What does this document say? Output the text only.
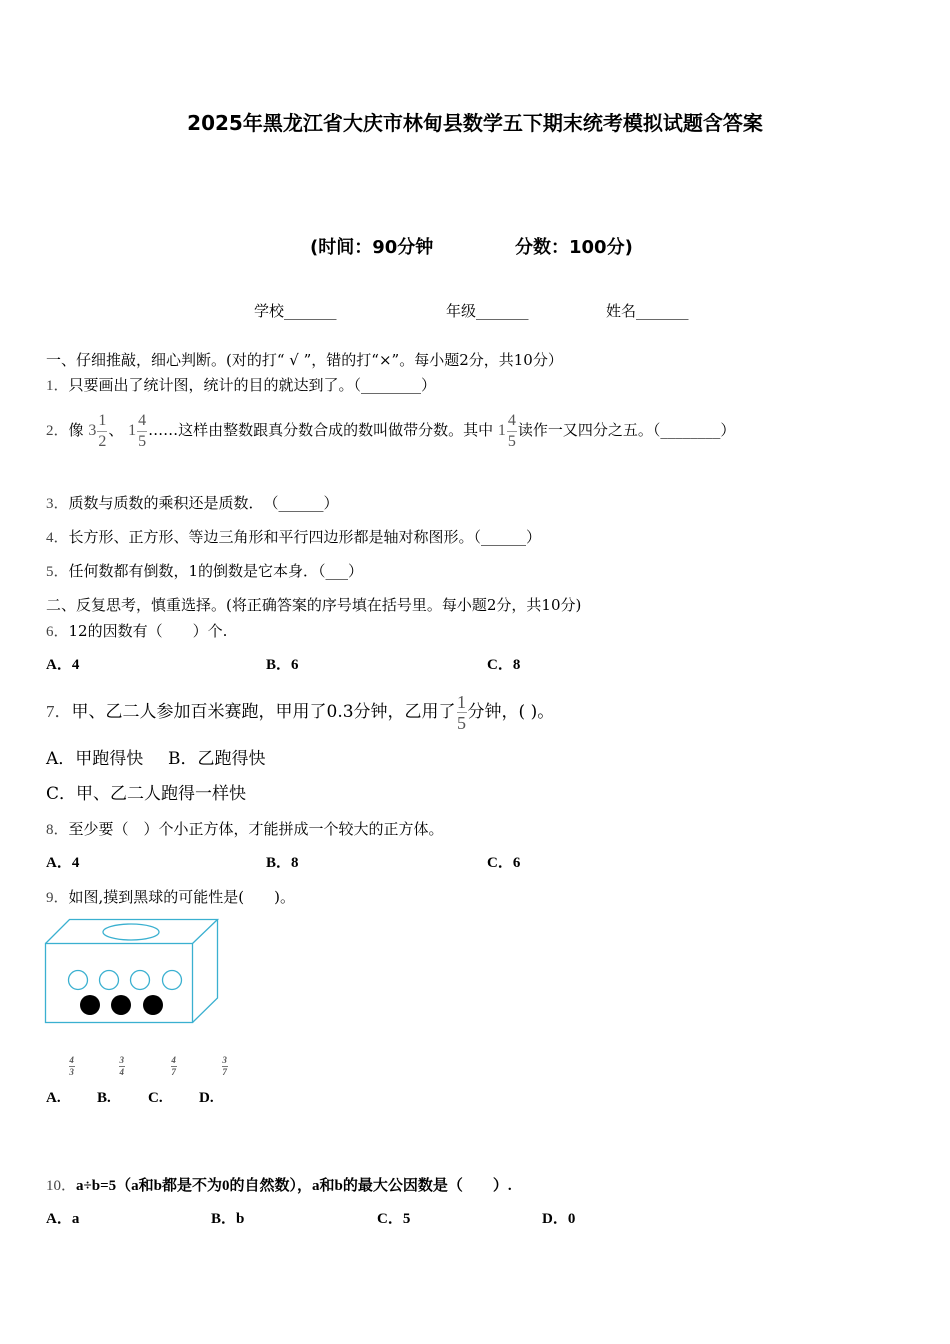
2025年黑龙江省大庆市林甸县数学五下期末统考模拟试题含答案
(时间：90分钟	分数：100分)
学校_______	年级_______	姓名_______
一、仔细推敲，细心判断。(对的打“ √ ”，错的打“×”。每小题2分，共10分）
1．只要画出了统计图，统计的目的就达到了。（________）
2．像 $3 \frac{1}{2}$ 、 $1 \frac{4}{5}$ ……这样由整数跟真分数合成的数叫做带分数。其中 $1 \frac{4}{5}$ 读作一又四分之五。（________）
3．质数与质数的乘积还是质数．　（______）
4．长方形、正方形、等边三角形和平行四边形都是轴对称图形。（______）
5．任何数都有倒数，1的倒数是它本身．（___）
二、反复思考，慎重选择。(将正确答案的序号填在括号里。每小题2分，共10分)
6．12的因数有（　　）个.
A．4	B．6	C．8
7．甲、乙二人参加百米赛跑，甲用了0.3分钟，乙用了 $\frac{1}{5}$ 分钟，( )。
A．甲跑得快 B．乙跑得快
C．甲、乙二人跑得一样快
8．至少要（　）个小正方体，才能拼成一个较大的正方体。
A．4	B．8	C．6
9．如图,摸到黑球的可能性是(　　)。
A.
$\frac{4}{3}$
B.
$\frac{3}{4}$
C.
$\frac{4}{7}$
D.
$\frac{3}{7}$
10．a÷b=5（a和b都是不为0的自然数），a和b的最大公因数是（　　）.
A．a	B．b	C．5	D．0
